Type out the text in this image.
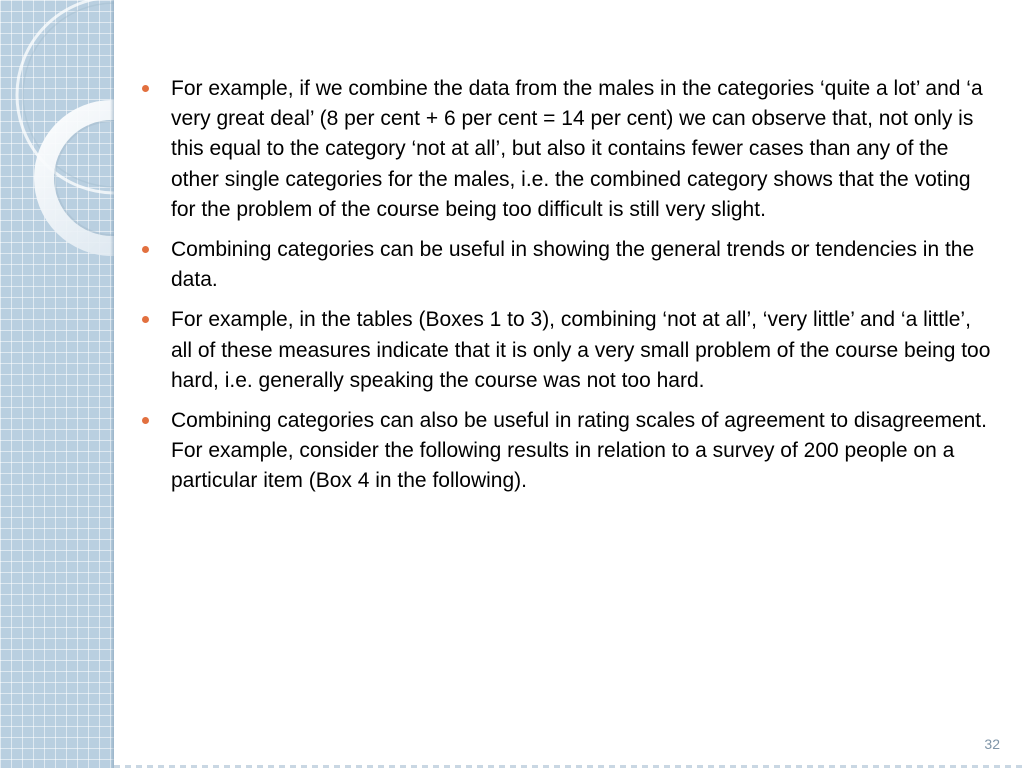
For example, if we combine the data from the males in the categories ‘quite a lot’ and ‘a very great deal’ (8 per cent + 6 per cent = 14 per cent) we can observe that, not only is this equal to the category ‘not at all’, but also it contains fewer cases than any of the other single categories for the males, i.e. the combined category shows that the voting for the problem of the course being too difficult is still very slight.
Combining categories can be useful in showing the general trends or tendencies in the data.
For example, in the tables (Boxes 1 to 3), combining ‘not at all’, ‘very little’ and ‘a little’, all of these measures indicate that it is only a very small problem of the course being too hard, i.e. generally speaking the course was not too hard.
Combining categories can also be useful in rating scales of agreement to disagreement. For example, consider the following results in relation to a survey of 200 people on a particular item (Box 4 in the following).
32
